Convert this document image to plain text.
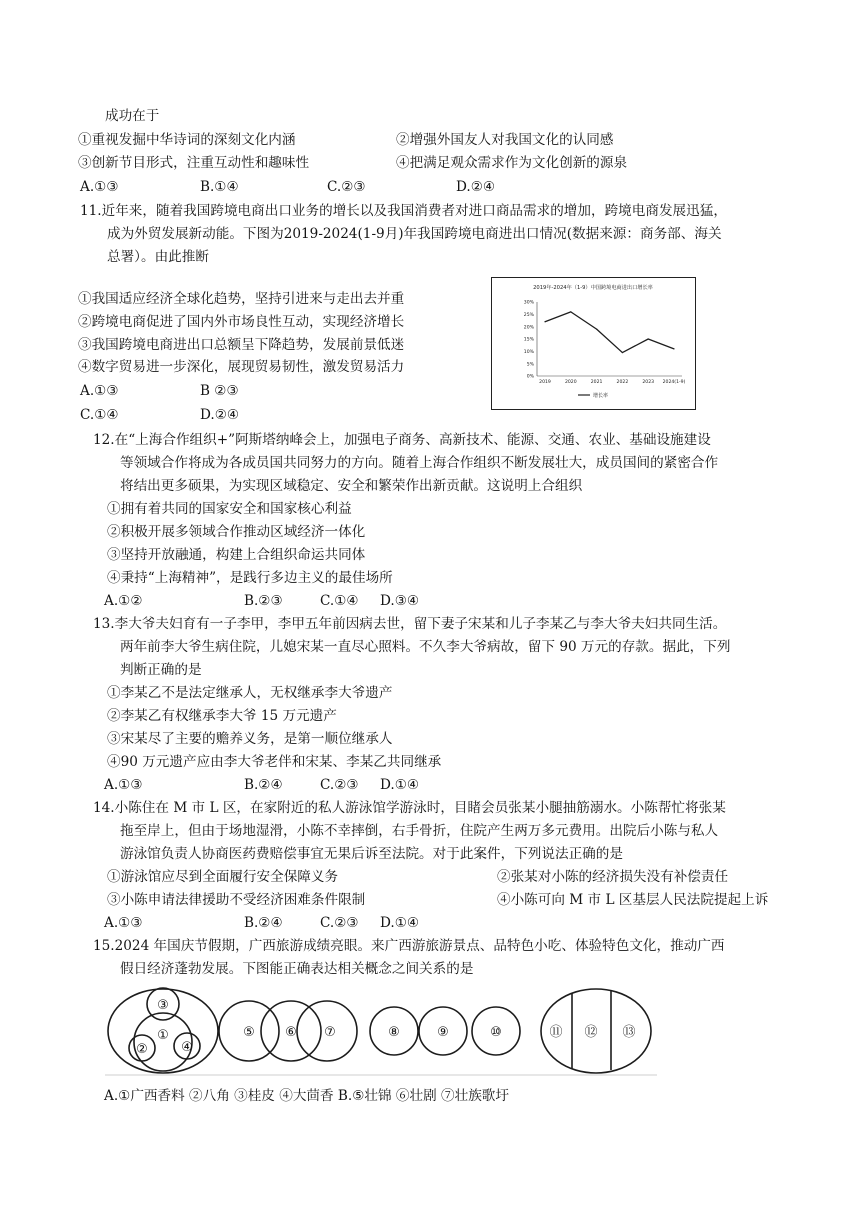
成功在于
①重视发掘中华诗词的深刻文化内涵	②增强外国友人对我国文化的认同感
③创新节目形式，注重互动性和趣味性	④把满足观众需求作为文化创新的源泉
A.①③	B.①④	C.②③	D.②④
11.近年来，随着我国跨境电商出口业务的增长以及我国消费者对进口商品需求的增加，跨境电商发展迅猛，
成为外贸发展新动能。下图为2019-2024(1-9月)年我国跨境电商进出口情况(数据来源：商务部、海关
总署）。由此推断
①我国适应经济全球化趋势，坚持引进来与走出去并重
②跨境电商促进了国内外市场良性互动，实现经济增长
③我国跨境电商进出口总额呈下降趋势，发展前景低迷
④数字贸易进一步深化，展现贸易韧性，激发贸易活力
A.①③	B ②③
C.①④	D.②④
2019年-2024年（1-9）中国跨境电商进出口增长率
30%
25%
20%
15%
10%
5%
0%
2019	2020	2021	2022	2023 2024(1-9)
增长率
12.在“上海合作组织+”阿斯塔纳峰会上，加强电子商务、高新技术、能源、交通、农业、基础设施建设
等领域合作将成为各成员国共同努力的方向。随着上海合作组织不断发展壮大，成员国间的紧密合作
将结出更多硕果，为实现区域稳定、安全和繁荣作出新贡献。这说明上合组织
①拥有着共同的国家安全和国家核心利益
②积极开展多领域合作推动区域经济一体化
③坚持开放融通，构建上合组织命运共同体
④秉持“上海精神”，是践行多边主义的最佳场所
A.①②	B.②③	C.①④ D.③④
13.李大爷夫妇育有一子李甲，李甲五年前因病去世，留下妻子宋某和儿子李某乙与李大爷夫妇共同生活。
两年前李大爷生病住院，儿媳宋某一直尽心照料。不久李大爷病故，留下 90 万元的存款。据此，下列
判断正确的是
①李某乙不是法定继承人，无权继承李大爷遗产
②李某乙有权继承李大爷 15 万元遗产
③宋某尽了主要的赡养义务，是第一顺位继承人
④90 万元遗产应由李大爷老伴和宋某、李某乙共同继承
A.①③	B.②④	C.②③ D.①④
14.小陈住在 M 市 L 区，在家附近的私人游泳馆学游泳时，目睹会员张某小腿抽筋溺水。小陈帮忙将张某
拖至岸上，但由于场地湿滑，小陈不幸摔倒，右手骨折，住院产生两万多元费用。出院后小陈与私人
游泳馆负责人协商医药费赔偿事宜无果后诉至法院。对于此案件，下列说法正确的是
①游泳馆应尽到全面履行安全保障义务	②张某对小陈的经济损失没有补偿责任
③小陈申请法律援助不受经济困难条件限制	④小陈可向 M 市 L 区基层人民法院提起上诉
A.①③	B.②④	C.②③ D.①④
15.2024 年国庆节假期，广西旅游成绩亮眼。来广西游旅游景点、品特色小吃、体验特色文化，推动广西
假日经济蓬勃发展。下图能正确表达相关概念之间关系的是
③
①
②	④
⑤ ⑥ ⑦	⑧	⑨	⑩	⑪ ⑫ ⑬
A.①广西香料 ②八角 ③桂皮 ④大茴香 B.⑤壮锦 ⑥壮剧 ⑦壮族歌圩
